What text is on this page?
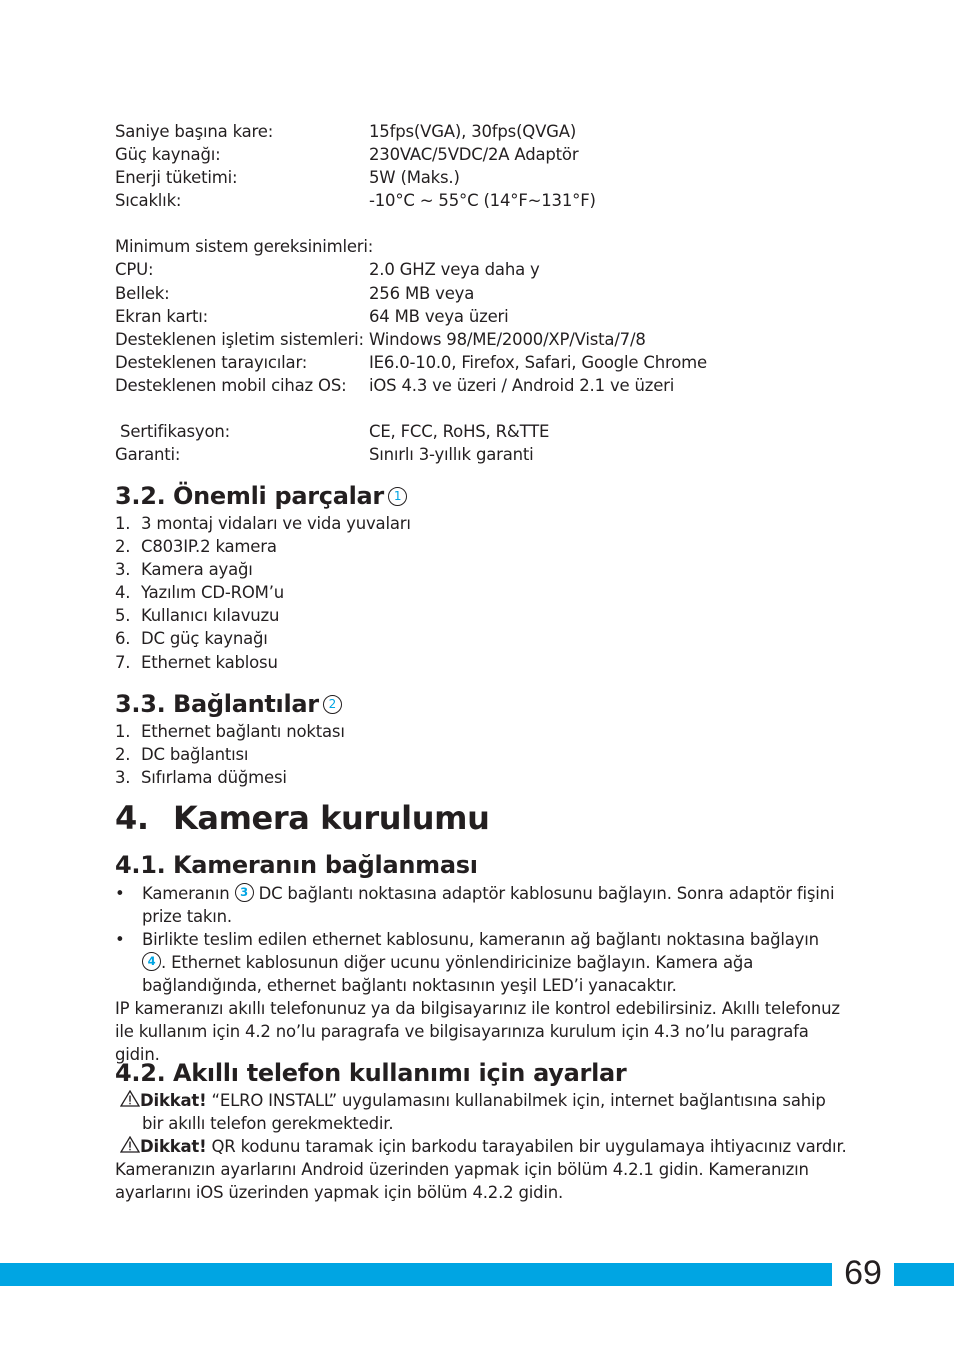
Saniye başına kare:	15fps(VGA), 30fps(QVGA)
Güç kaynağı:	230VAC/5VDC/2A Adaptör
Enerji tüketimi:	5W (Maks.)
Sıcaklık:	-10°C ~ 55°C (14°F~131°F)
Minimum sistem gereksinimleri:
CPU:	2.0 GHZ veya daha y
Bellek:	256 MB veya
Ekran kartı:	64 MB veya üzeri
Desteklenen işletim sistemleri: Windows 98/ME/2000/XP/Vista/7/8
Desteklenen tarayıcılar:	IE6.0-10.0, Firefox, Safari, Google Chrome
Desteklenen mobil cihaz OS: iOS 4.3 ve üzeri / Android 2.1 ve üzeri
Sertifikasyon:	CE, FCC, RoHS, R&TTE
Garanti:	Sınırlı 3-yıllık garanti
3.2. Önemli parçalar 1
1. 3 montaj vidaları ve vida yuvaları
2. C803IP.2 kamera
3. Kamera ayağı
4. Yazılım CD-ROM’u
5. Kullanıcı kılavuzu
6. DC güç kaynağı
7. Ethernet kablosu
3.3. Bağlantılar 2
1. Ethernet bağlantı noktası
2. DC bağlantısı
3. Sıfırlama düğmesi
4. Kamera kurulumu
4.1. Kameranın bağlanması
• Kameranın 3 DC bağlantı noktasına adaptör kablosunu bağlayın. Sonra adaptör fişini
prize takın.
• Birlikte teslim edilen ethernet kablosunu, kameranın ağ bağlantı noktasına bağlayın
4 . Ethernet kablosunun diğer ucunu yönlendiricinize bağlayın. Kamera ağa
bağlandığında, ethernet bağlantı noktasının yeşil LED’i yanacaktır.
IP kameranızı akıllı telefonunuz ya da bilgisayarınız ile kontrol edebilirsiniz. Akıllı telefonuz
ile kullanım için 4.2 no’lu paragrafa ve bilgisayarınıza kurulum için 4.3 no’lu paragrafa gidin.
4.2. Akıllı telefon kullanımı için ayarlar
Dikkat! “ELRO INSTALL” uygulamasını kullanabilmek için, internet bağlantısına sahip
bir akıllı telefon gerekmektedir.
Dikkat! QR kodunu taramak için barkodu tarayabilen bir uygulamaya ihtiyacınız vardır.
Kameranızın ayarlarını Android üzerinden yapmak için bölüm 4.2.1 gidin. Kameranızın
ayarlarını iOS üzerinden yapmak için bölüm 4.2.2 gidin.
69
